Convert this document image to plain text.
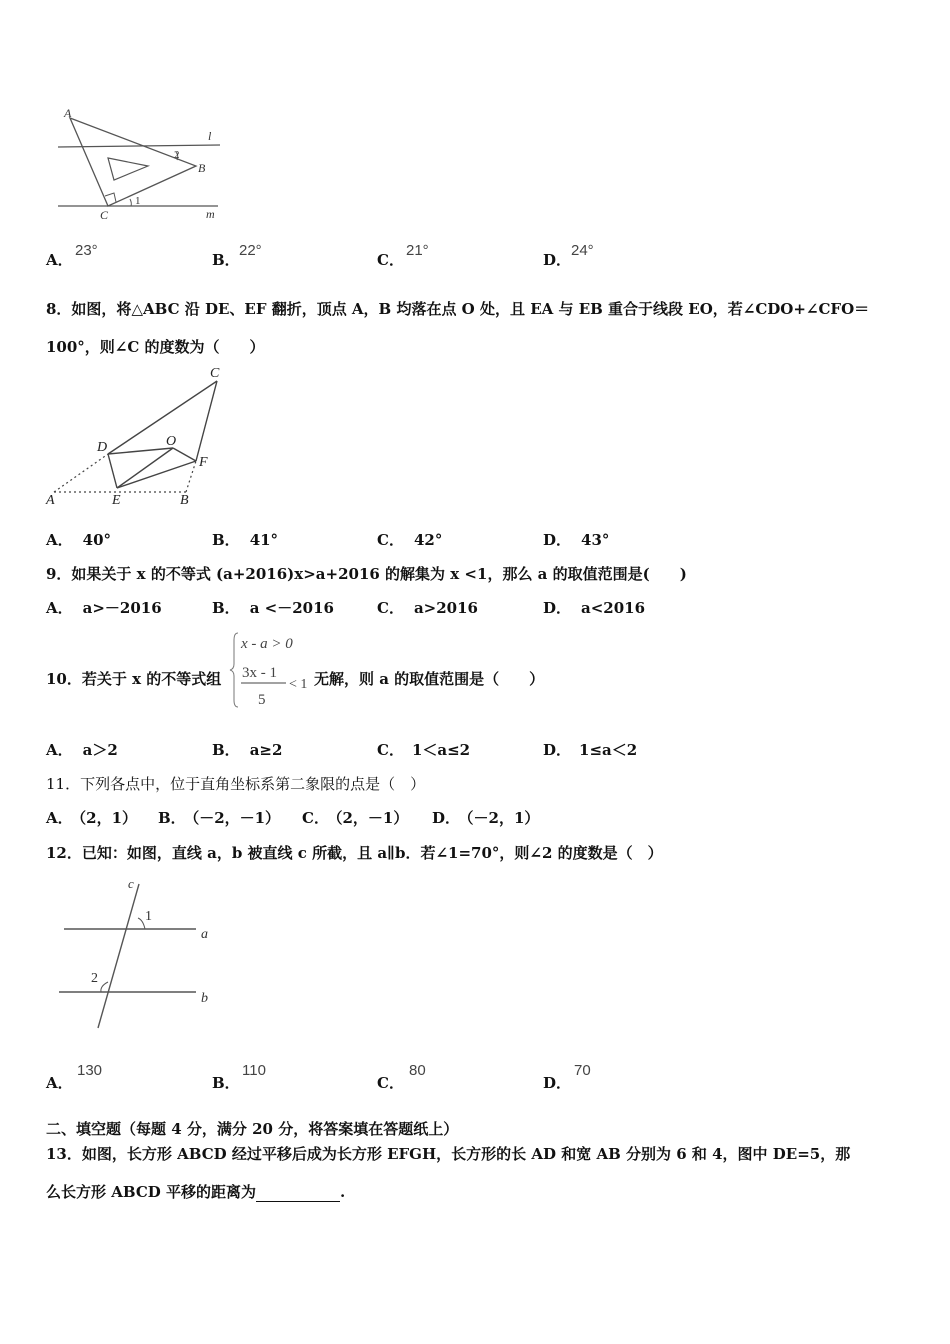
A
B
C
l
m
2
1
A．
23°
B．
22°
C．
21°
D．
24°
8．如图，将△ABC 沿 DE、EF 翻折，顶点 A，B 均落在点 O 处，且 EA 与 EB 重合于线段 EO，若∠CDO+∠CFO＝
100°，则∠C 的度数为（　　）
C
D	O
F
A	E	B
A． 40°	B． 41°	C． 42°	D． 43°
9．如果关于 x 的不等式 (a+2016)x>a+2016 的解集为 x <1，那么 a 的取值范围是(　　)
A． a>－2016	B． a <－2016	C． a>2016	D． a<2016
10．若关于 x 的不等式组
x - a > 0
3x - 1
5
< 1 无解，则 a 的取值范围是（　　）
A． a＞2	B． a≥2	C． 1＜a≤2	D． 1≤a＜2
11．下列各点中，位于直角坐标系第二象限的点是（　）
A． （2，1） B． （－2，－1） C． （2，－1） D． （－2，1）
12．已知：如图，直线 a，b 被直线 c 所截，且 a∥b．若∠1=70°，则∠2 的度数是（　）
c
1
a
2
b
A．
130
B．
110
C．
80
D．
70
二、填空题（每题 4 分，满分 20 分，将答案填在答题纸上）
13．如图，长方形 ABCD 经过平移后成为长方形 EFGH，长方形的长 AD 和宽 AB 分别为 6 和 4，图中 DE=5，那
么长方形 ABCD 平移的距离为	.
